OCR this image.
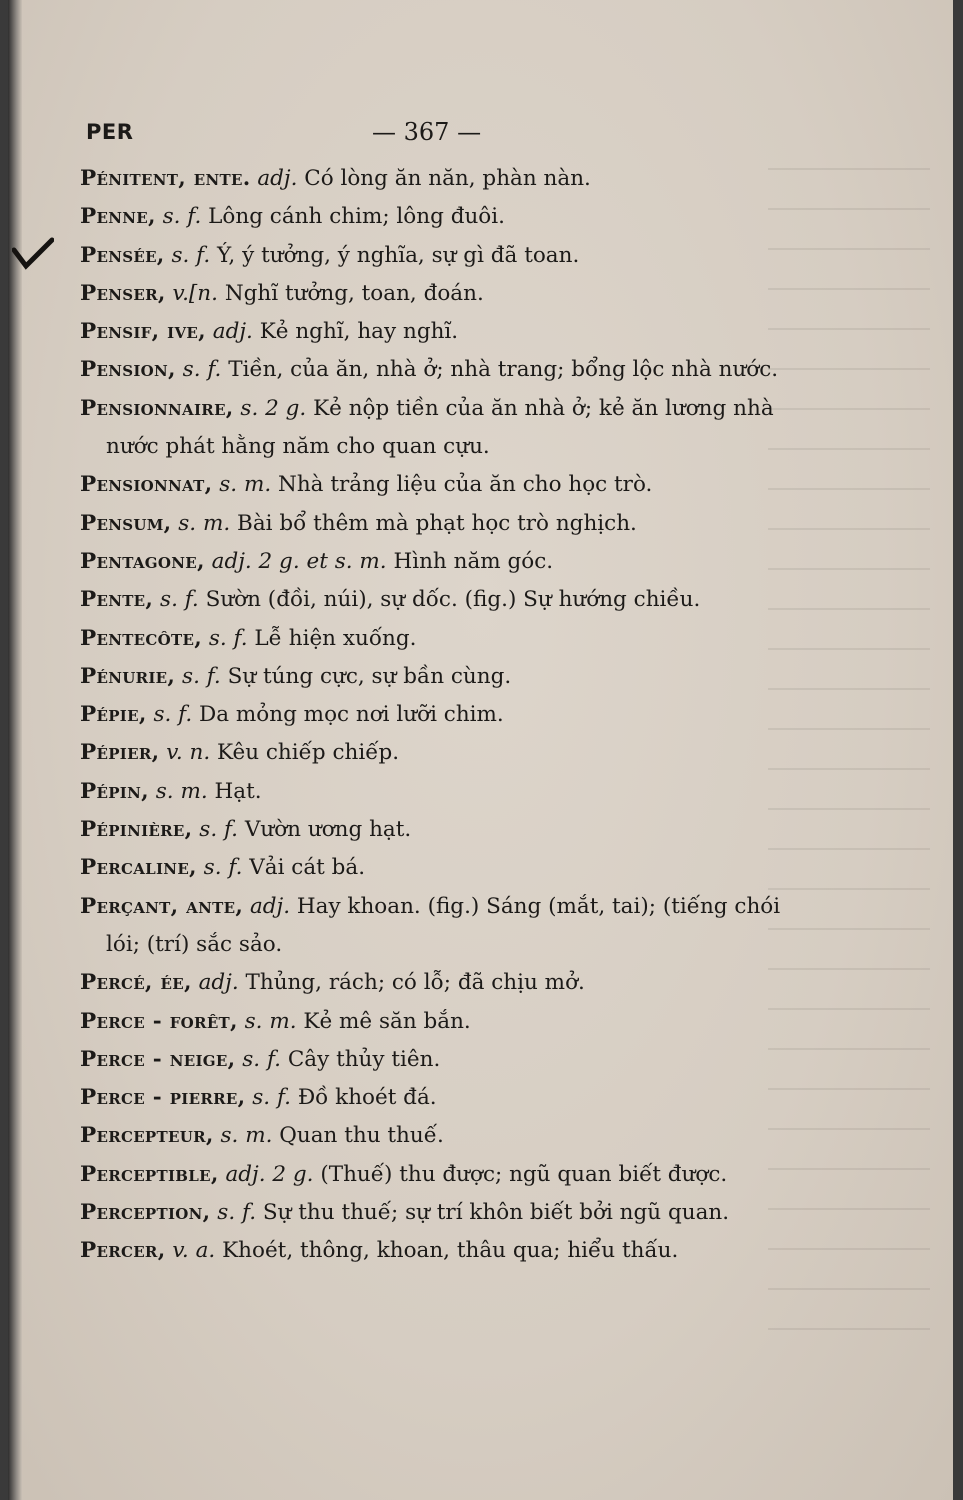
PER	— 367 —
Pénitent, ente. adj. Có lòng ăn năn, phàn nàn.
Penne, s. f. Lông cánh chim; lông đuôi.
Pensée, s. f. Ý, ý tưởng, ý nghĩa, sự gì đã toan.
Penser, v.[n. Nghĩ tưởng, toan, đoán.
Pensif, ive, adj. Kẻ nghĩ, hay nghĩ.
Pension, s. f. Tiền, của ăn, nhà ở; nhà trang; bổng lộc nhà nước.
Pensionnaire, s. 2 g. Kẻ nộp tiền của ăn nhà ở; kẻ ăn lương nhà nước phát hằng năm cho quan cựu.
Pensionnat, s. m. Nhà trảng liệu của ăn cho học trò.
Pensum, s. m. Bài bổ thêm mà phạt học trò nghịch.
Pentagone, adj. 2 g. et s. m. Hình năm góc.
Pente, s. f. Sườn (đồi, núi), sự dốc. (fig.) Sự hướng chiều.
Pentecôte, s. f. Lễ hiện xuống.
Pénurie, s. f. Sự túng cực, sự bần cùng.
Pépie, s. f. Da mỏng mọc nơi lưỡi chim.
Pépier, v. n. Kêu chiếp chiếp.
Pépin, s. m. Hạt.
Pépinière, s. f. Vườn ương hạt.
Percaline, s. f. Vải cát bá.
Perçant, ante, adj. Hay khoan. (fig.) Sáng (mắt, tai); (tiếng chói lói; (trí) sắc sảo.
Percé, ée, adj. Thủng, rách; có lỗ; đã chịu mở.
Perce - forêt, s. m. Kẻ mê săn bắn.
Perce - neige, s. f. Cây thủy tiên.
Perce - pierre, s. f. Đồ khoét đá.
Percepteur, s. m. Quan thu thuế.
Perceptible, adj. 2 g. (Thuế) thu được; ngũ quan biết được.
Perception, s. f. Sự thu thuế; sự trí khôn biết bởi ngũ quan.
Percer, v. a. Khoét, thông, khoan, thâu qua; hiểu thấu.
